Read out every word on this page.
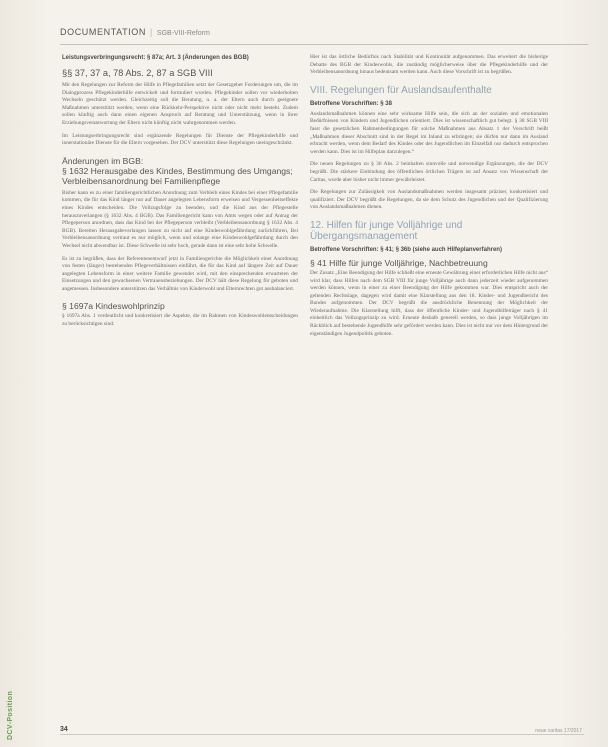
DOCUMENTATION | SGB-VIII-Reform
Leistungsverbringungsrecht: § 87a; Art. 3 (Änderungen des BGB)
§§ 37, 37 a, 78 Abs. 2, 87 a SGB VIII

Mit den Regelungen zur Reform der Hilfe in Pflegefamilien setzt der Gesetzgeber Forderungen um, die im Dialogprozess Pflegekinderhilfe entwickelt und formuliert wurden. Pflegekinder sollen vor wiederholten Wechseln geschützt werden. Gleichzeitig soll die Beratung, u. a. der Eltern auch durch geeignete Maßnahmen unterstützt werden, wenn eine Rückkehr-Perspektive nicht oder nicht mehr besteht. Zudem sollen künftig auch dann einen eigenen Anspruch auf Beratung und Unterstützung, wenn in ihrer Erziehungsverantwortung der Eltern nicht künftig nicht wahrgenommen werden.

Im Leistungserbringungsrecht sind ergänzende Regelungen für Dienste der Pflegekinderhilfe und innerstationäre Dienste für die Eltern vorgesehen. Der DCV unterstützt diese Regelungen uneingeschränkt.

Änderungen im BGB:
§ 1632 Herausgabe des Kindes, Bestimmung des Umgangs; Verbleibensanordnung bei Familienpflege

Bisher kann es zu einer familiengerichtlichen Anordnung zum Verbleib eines Kindes bei einer Pflegefamilie kommen, die für das Kind länger nur auf Dauer angelegten Lebensform erweisen und Vergessenheitseffekte eines Kindes entscheiden. Die Vollzugsfolge zu beenden, und die Kind aus der Pflegestelle herauszuverlangen (§ 1632 Abs. 4 BGB). Das Familiengericht kann von Amts wegen oder auf Antrag der Pflegeperson anordnen, dass das Kind bei der Pflegeperson verbleibt (Verbleibensanordnung § 1632 Abs. 4 BGB). Bereiten Herausgabeverlangen lassen zu nicht auf eine Kindeswohlgefährdung zurückführen, Bei Verbleibensanordnung vertraut es nur möglich, wenn und solange eine Kindeswohlgefährdung durch den Wechsel nicht abwendbar ist. Diese Schwelle ist sehr hoch, gerade dann ist eine sehr hohe Schwelle.

Es ist zu begrüßen, dass der Referentenentwurf jetzt in Familiengerichte die Möglichkeit einer Anordnung von festen (länger) bestehenden Pflegeverhältnissen einführt, die für das Kind auf längere Zeit auf Dauer angelegten Lebensform in einer weitere Familie gewendet wird, mit den einsprechenden erwarteten der Einsetzungen und den gewachsenen Vertrauensbeziehungen. Der DCV hält diese Regelung für geboten und angemessen. Insbesondere unterstützen das Verhältnis von Kinderwohl und Elternrechten gut ausbalanciert.

§ 1697a Kindeswohlprinzip

§ 1697a Abs. 1 verdeutlicht und konkretisiert die Aspekte, die im Rahmen von Kindeswohlentscheidungen zu berücksichtigen sind.

Hier ist das örtliche Bedürfnis nach Stabilität und Kontinuität aufgenommen. Das erweitert die bisherige Debatte des BGB der Kindeswohls, die zuständig möglicherweise über die Pflegekinderhilfe und der Verbleibensanordnung hinaus bedeutsam werden kann. Auch diese Vorschrift ist zu begrüßen.

VIII. Regelungen für Auslandsaufenthalte
Betroffene Vorschriften: § 38

Auslandsmaßnahmen können eine sehr wirksame Hilfe sein, die sich an der sozialen und emotionalen Bedürfnissen von Kindern und Jugendlichen orientiert. Dies ist wissenschaftlich gut belegt. § 38 SGB VIII fasst die gesetzlichen Rahmenbedingungen für solche Maßnahmen aus Absatz 1 der Vorschrift heißt „Maßnahmen dieser Abschnitt sind in der Regel im Inland zu erbringen; sie dürfen nur dann im Ausland erbracht werden, wenn dem Bedarf des Kindes oder des Jugendlichen im Einzelfall nur dadurch entsprochen werden kann. Dies ist im Hilfeplan darzulegen.“

Die neuen Regelungen zu § 36 Abs. 2 beinhalten sinnvolle und notwendige Ergänzungen, die der DCV begrüßt. Die stärkere Einbindung des öffentlichen örtlichen Trägers ist auf Ansatz von Wissenschaft der Caritas, wurde aber bisher nicht immer gewährleistet.

Die Regelungen zur Zulässigkeit von Auslandsmaßnahmen werden insgesamt präziser, konkretisiert und qualifiziert. Der DCV begrüßt die Regelungen, da sie dem Schutz des Jugendlichen und der Qualifizierung von Auslandsmaßnahmen dienen.

12. Hilfen für junge Volljährige und Übergangsmanagement
Betroffene Vorschriften: § 41; § 36b (siehe auch Hilfeplanverfahren)
§ 41 Hilfe für junge Volljährige, Nachbetreuung

Der Zusatz „Eine Beendigung der Hilfe schließt eine erneute Gewährung einer erforderlichen Hilfe nicht aus“ wird klar, dass Hilfen nach dem SGB VIII für junge Volljährige auch dann jederzeit wieder aufgenommen werden können, wenn in einer zu einer Beendigung der Hilfe gekommen war. Dies entspricht auch der geltenden Rechtslage, dagegen wird damit eine Klarstellung aus den 18. Kinder- und Jugendbericht des Bundes aufgenommen. Der DCV begrüßt die ausdrückliche Benennung der Möglichkeit der Wiederaufnahme. Die Klarstellung hilft, dass der öffentliche Kinder- und Jugendhilfeträger nach § 41 einheitlich das Vollzugsprinzip zu wird. Erneute deshalb generell werden, so dass junge Volljährigen im Rückblick auf bestehende Jugendhilfe sehr gefördert werden kann. Dies ist nicht nur vor dem Hintergrund der eigenständigen Jugendpolitik geboten.

DCV-Position	34	neue caritas 17/2017
